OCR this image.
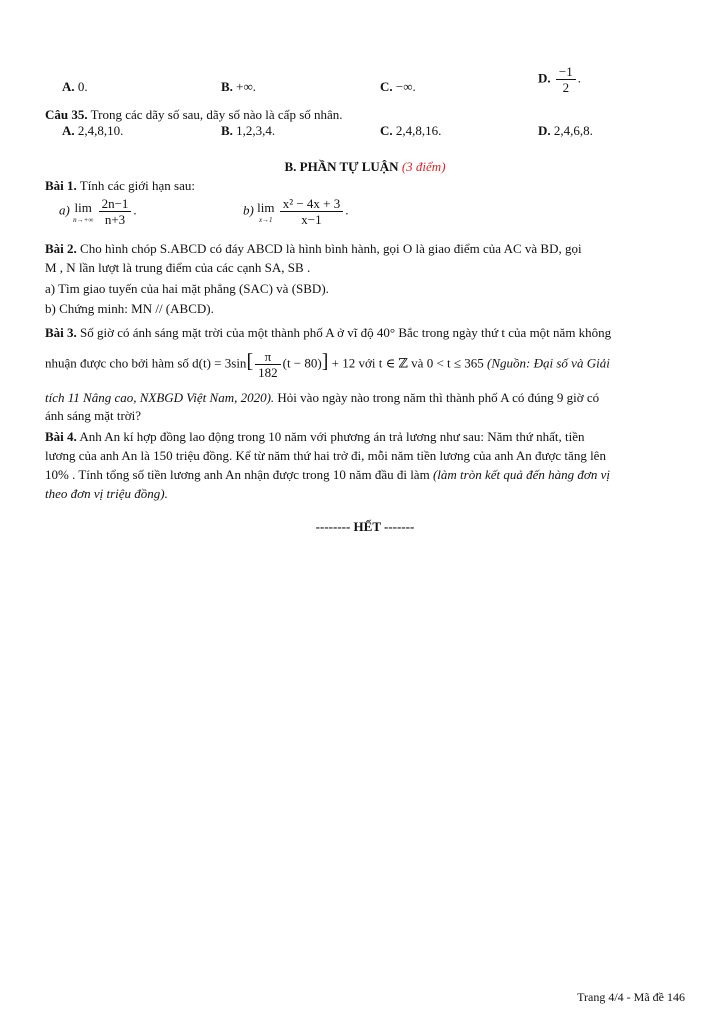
A. 0.	B. +∞.	C. −∞.
D. $\frac{-1}{2}$ .
Câu 35. Trong các dãy số sau, dãy số nào là cấp số nhân.
A. 2,4,8,10.	B. 1,2,3,4.	C. 2,4,8,16.	D. 2,4,6,8.
B. PHẦN TỰ LUẬN (3 điểm)
Bài 1. Tính các giới hạn sau:
a) lim
n→+∞
$\frac{2n-1}{n+3}$ .	b) lim
x→1
$\frac{\text{x² − 4x + 3}}{x-1}$ .
Bài 2. Cho hình chóp S.ABCD có đáy ABCD là hình bình hành, gọi O là giao điểm của AC và BD, gọi
M , N lần lượt là trung điểm của các cạnh SA, SB .
a) Tìm giao tuyến của hai mặt phẳng (SAC) và (SBD).
b) Chứng minh: MN // (ABCD).
Bài 3. Số giờ có ánh sáng mặt trời của một thành phố A ở vĩ độ 40° Bắc trong ngày thứ t của một năm không
nhuận được cho bởi hàm số $d(t) = 3\sin[ \frac{\pi}{182} (t - 80)] + 12$ với t ∈ ℤ và 0 < t ≤ 365 (Nguồn: Đại số và Giải
tích 11 Nâng cao, NXBGD Việt Nam, 2020). Hỏi vào ngày nào trong năm thì thành phố A có đúng 9 giờ có
ánh sáng mặt trời?
Bài 4. Anh An kí hợp đồng lao động trong 10 năm với phương án trả lương như sau: Năm thứ nhất, tiền
lương của anh An là 150 triệu đồng. Kể từ năm thứ hai trở đi, mỗi năm tiền lương của anh An được tăng lên
10% . Tính tổng số tiền lương anh An nhận được trong 10 năm đầu đi làm (làm tròn kết quả đến hàng đơn vị
theo đơn vị triệu đồng).
-------- HẾT -------
Trang 4/4 - Mã đề 146
